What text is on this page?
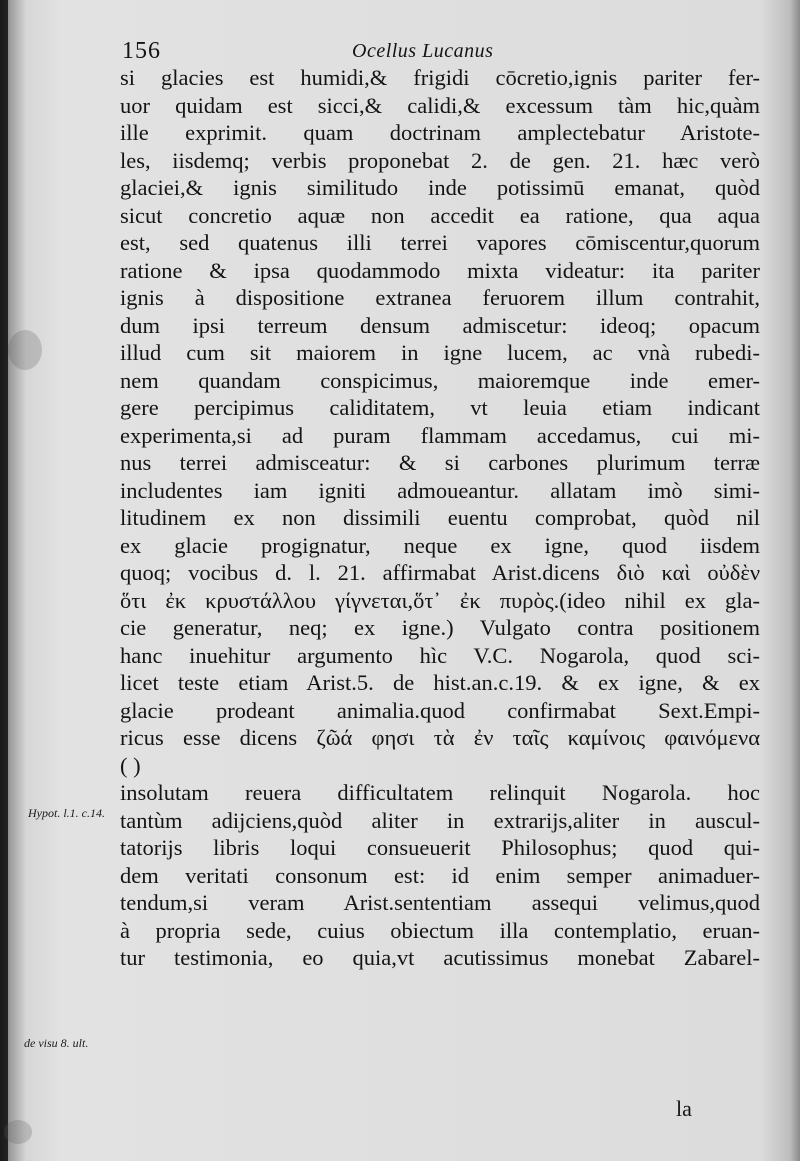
156	Ocellus Lucanus
si glacies est humidi,& frigidi cōcretio,ignis pariter fer-
uor quidam est sicci,& calidi,& excessum tàm hic,quàm
ille exprimit. quam doctrinam amplectebatur Aristote-
les, iisdemq; verbis proponebat 2. de gen. 21. hæc verò
glaciei,& ignis similitudo inde potissimū emanat, quòd
sicut concretio aquæ non accedit ea ratione, qua aqua
est, sed quatenus illi terrei vapores cōmiscentur,quorum
ratione & ipsa quodammodo mixta videatur: ita pariter
ignis à dispositione extranea feruorem illum contrahit,
dum ipsi terreum densum admiscetur: ideoq; opacum
illud cum sit maiorem in igne lucem, ac vnà rubedi-
nem quandam conspicimus, maioremque inde emer-
gere percipimus caliditatem, vt leuia etiam indicant
experimenta,si ad puram flammam accedamus, cui mi-
nus terrei admisceatur: & si carbones plurimum terræ
includentes iam igniti admoueantur. allatam imò simi-
litudinem ex non dissimili euentu comprobat, quòd nil
ex glacie progignatur, neque ex igne, quod iisdem
quoq; vocibus d. l. 21. affirmabat Arist.dicens διὸ καὶ οὐδὲν
ὅτι ἐκ κρυστάλλου γίγνεται,ὅτ᾽ ἐκ πυρὸς.(ideo nihil ex gla-
cie generatur, neq; ex igne.) Vulgato contra positionem
hanc inuehitur argumento hìc V.C. Nogarola, quod sci-
licet teste etiam Arist.5. de hist.an.c.19. & ex igne, & ex
glacie prodeant animalia.quod confirmabat Sext.Empi-
ricus esse dicens ζῶά φησι τὰ ἐν ταῖς καμίνοις φαινόμενα
( )
insolutam reuera difficultatem relinquit Nogarola. hoc
tantùm adijciens,quòd aliter in extrarijs,aliter in auscul-
tatorijs libris loqui consueuerit Philosophus; quod qui-
dem veritati consonum est: id enim semper animaduer-
tendum,si veram Arist.sententiam assequi velimus,quod
à propria sede, cuius obiectum illa contemplatio, eruan-
tur testimonia, eo quia,vt acutissimus monebat Zabarel-
Hypot. l.1. c.14.
de visu 8. ult.
la
